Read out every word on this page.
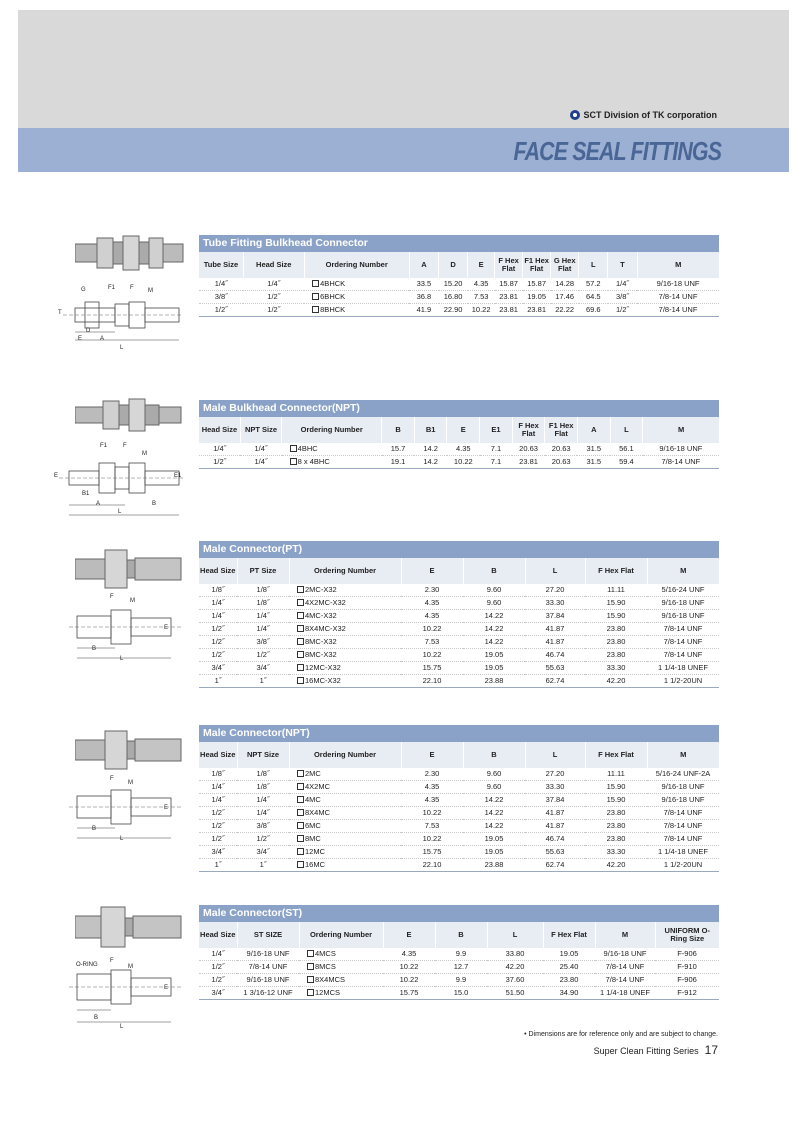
SCT Division of TK corporation
FACE SEAL FITTINGS
G	F1 F M
T
D
E	A
L
Tube Fitting Bulkhead Connector
Tube Size	Head Size	Ordering Number	A	D	E	F Hex Flat	F1 Hex Flat	G Hex Flat	L	T	M
1/4˝	1/4˝	4BHCK	33.5	15.20	4.35	15.87	15.87	14.28	57.2	1/4˝	9/16-18 UNF
3/8˝	1/2˝	6BHCK	36.8	16.80	7.53	23.81	19.05	17.46	64.5	3/8˝	7/8-14 UNF
1/2˝	1/2˝	8BHCK	41.9	22.90	10.22	23.81	23.81	22.22	69.6	1/2˝	7/8-14 UNF
F1	F
M
E	E1
B1
A	B
L
Male Bulkhead Connector(NPT)
Head Size	NPT Size	Ordering Number	B	B1	E	E1	F Hex Flat	F1 Hex Flat	A	L	M
1/4˝	1/4˝	4BHC	15.7	14.2	4.35	7.1	20.63	20.63	31.5	56.1	9/16-18 UNF
1/2˝	1/4˝	8 x 4BHC	19.1	14.2	10.22	7.1	23.81	20.63	31.5	59.4	7/8-14 UNF
F
M
E
B
L
Male Connector(PT)
Head Size	PT Size	Ordering Number	E	B	L	F Hex Flat	M
1/8˝	1/8˝	2MC-X32	2.30	9.60	27.20	11.11	5/16-24 UNF
1/4˝	1/8˝	4X2MC-X32	4.35	9.60	33.30	15.90	9/16-18 UNF
1/4˝	1/4˝	4MC-X32	4.35	14.22	37.84	15.90	9/16-18 UNF
1/2˝	1/4˝	8X4MC-X32	10.22	14.22	41.87	23.80	7/8-14 UNF
1/2˝	3/8˝	8MC-X32	7.53	14.22	41.87	23.80	7/8-14 UNF
1/2˝	1/2˝	8MC-X32	10.22	19.05	46.74	23.80	7/8-14 UNF
3/4˝	3/4˝	12MC-X32	15.75	19.05	55.63	33.30	1 1/4-18 UNEF
1˝	1˝	16MC-X32	22.10	23.88	62.74	42.20	1 1/2-20UN
F
M
E
B
L
Male Connector(NPT)
Head Size	NPT Size	Ordering Number	E	B	L	F Hex Flat	M
1/8˝	1/8˝	2MC	2.30	9.60	27.20	11.11	5/16-24 UNF-2A
1/4˝	1/8˝	4X2MC	4.35	9.60	33.30	15.90	9/16-18 UNF
1/4˝	1/4˝	4MC	4.35	14.22	37.84	15.90	9/16-18 UNF
1/2˝	1/4˝	8X4MC	10.22	14.22	41.87	23.80	7/8-14 UNF
1/2˝	3/8˝	6MC	7.53	14.22	41.87	23.80	7/8-14 UNF
1/2˝	1/2˝	8MC	10.22	19.05	46.74	23.80	7/8-14 UNF
3/4˝	3/4˝	12MC	15.75	19.05	55.63	33.30	1 1/4-18 UNEF
1˝	1˝	16MC	22.10	23.88	62.74	42.20	1 1/2-20UN
O-RING
F
M
E
B
L
Male Connector(ST)
Head Size	ST SIZE	Ordering Number	E	B	L	F Hex Flat	M	UNIFORM O-Ring Size
1/4˝	9/16-18 UNF	4MCS	4.35	9.9	33.80	19.05	9/16-18 UNF	F-906
1/2˝	7/8-14 UNF	8MCS	10.22	12.7	42.20	25.40	7/8-14 UNF	F-910
1/2˝	9/16-18 UNF	8X4MCS	10.22	9.9	37.60	23.80	7/8-14 UNF	F-906
3/4˝	1 3/16-12 UNF	12MCS	15.75	15.0	51.50	34.90	1 1/4-18 UNEF	F-912
• Dimensions are for reference only and are subject to change.
Super Clean Fitting Series 17
